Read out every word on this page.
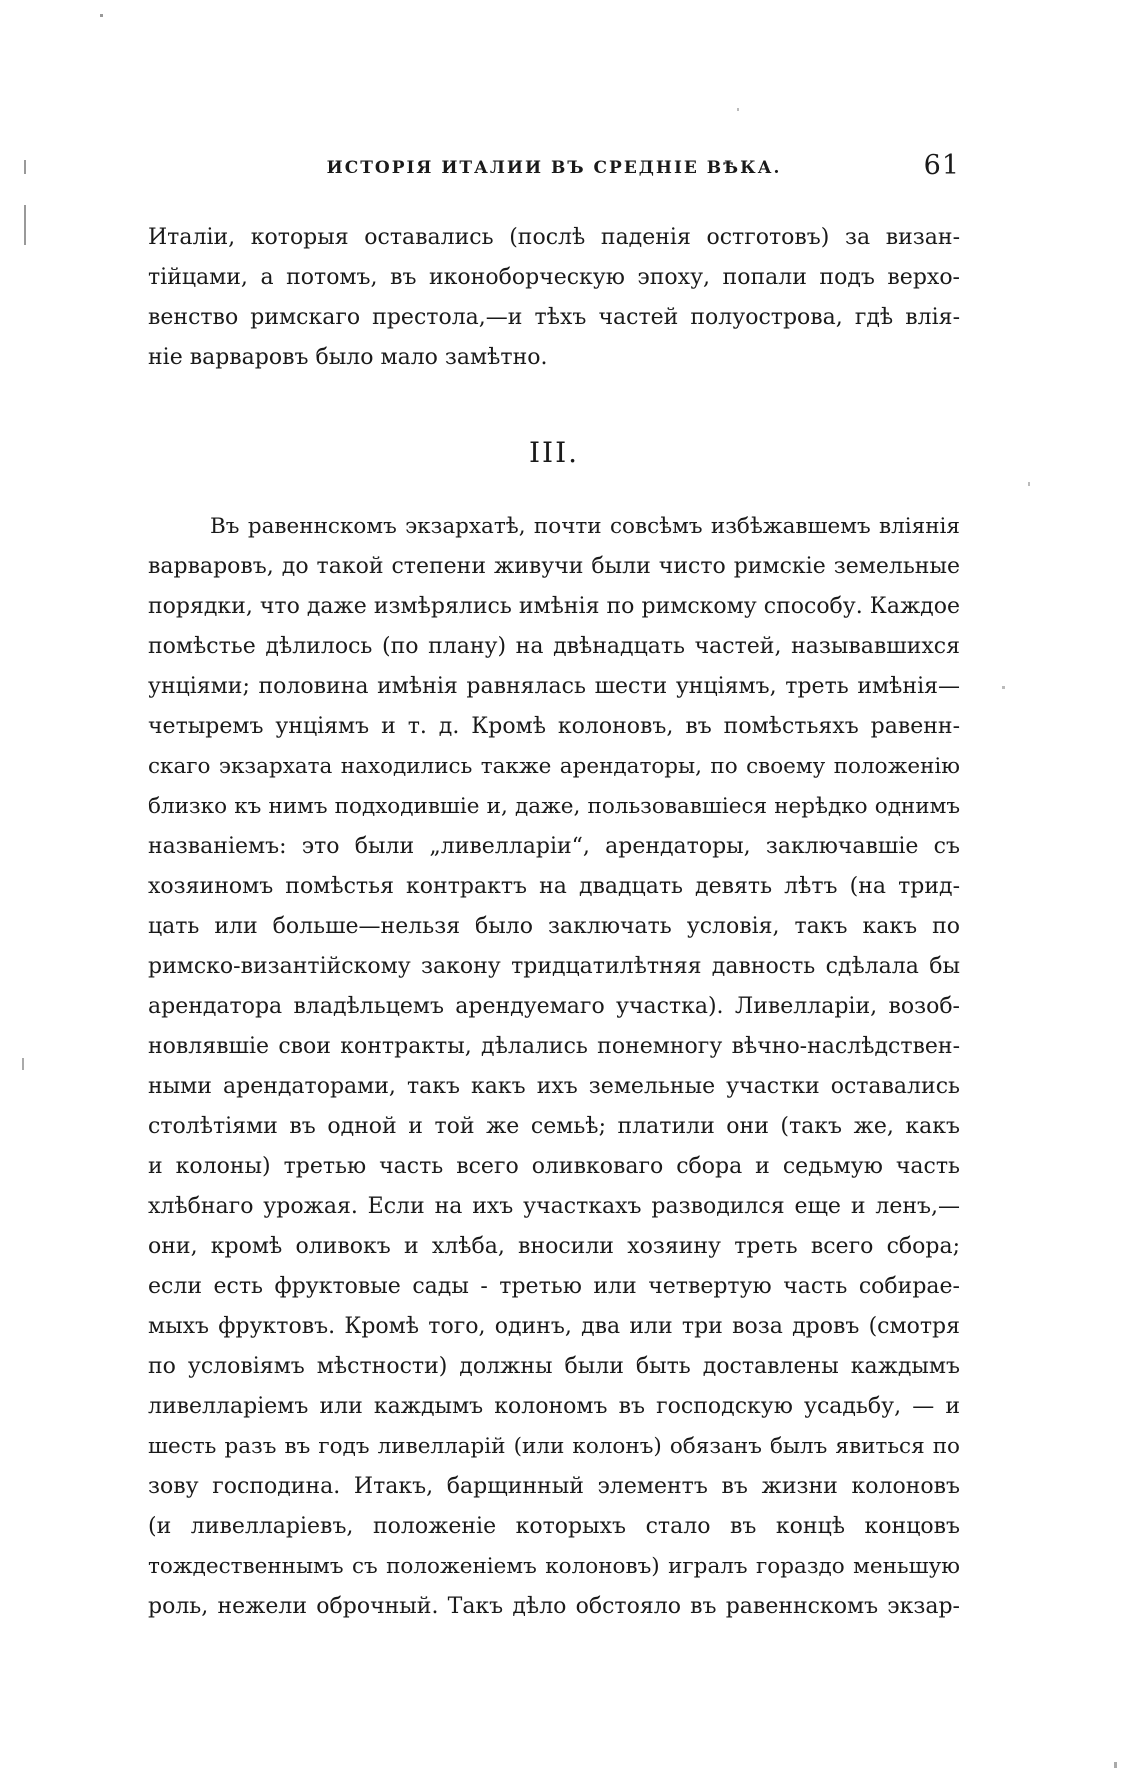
ИСТОРІЯ ИТАЛИИ ВЪ СРЕДНІЕ ВѢКА.	61
Италіи, которыя оставались (послѣ паденія остготовъ) за визан-
тійцами, а потомъ, въ иконоборческую эпоху, попали подъ верхо-
венство римскаго престола,—и тѣхъ частей полуострова, гдѣ влія-
ніе варваровъ было мало замѣтно.
III.
Въ равеннскомъ экзархатѣ, почти совсѣмъ избѣжавшемъ вліянія
варваровъ, до такой степени живучи были чисто римскіе земельные
порядки, что даже измѣрялись имѣнія по римскому способу. Каждое
помѣстье дѣлилось (по плану) на двѣнадцать частей, называвшихся
унціями; половина имѣнія равнялась шести унціямъ, треть имѣнія—
четыремъ унціямъ и т. д. Кромѣ колоновъ, въ помѣстьяхъ равенн-
скаго экзархата находились также арендаторы, по своему положенію
близко къ нимъ подходившіе и, даже, пользовавшіеся нерѣдко однимъ
названіемъ: это были „ливелларіи“, арендаторы, заключавшіе съ
хозяиномъ помѣстья контрактъ на двадцать девять лѣтъ (на трид-
цать или больше—нельзя было заключать условія, такъ какъ по
римско-византійскому закону тридцатилѣтняя давность сдѣлала бы
арендатора владѣльцемъ арендуемаго участка). Ливелларіи, возоб-
новлявшіе свои контракты, дѣлались понемногу вѣчно-наслѣдствен-
ными арендаторами, такъ какъ ихъ земельные участки оставались
столѣтіями въ одной и той же семьѣ; платили они (такъ же, какъ
и колоны) третью часть всего оливковаго сбора и седьмую часть
хлѣбнаго урожая. Если на ихъ участкахъ разводился еще и ленъ,—
они, кромѣ оливокъ и хлѣба, вносили хозяину треть всего сбора;
если есть фруктовые сады - третью или четвертую часть собирае-
мыхъ фруктовъ. Кромѣ того, одинъ, два или три воза дровъ (смотря
по условіямъ мѣстности) должны были быть доставлены каждымъ
ливелларіемъ или каждымъ колономъ въ господскую усадьбу, — и
шесть разъ въ годъ ливелларій (или колонъ) обязанъ былъ явиться по
зову господина. Итакъ, барщинный элементъ въ жизни колоновъ
(и ливелларіевъ, положеніе которыхъ стало въ концѣ концовъ
тождественнымъ съ положеніемъ колоновъ) игралъ гораздо меньшую
роль, нежели оброчный. Такъ дѣло обстояло въ равеннскомъ экзар-
